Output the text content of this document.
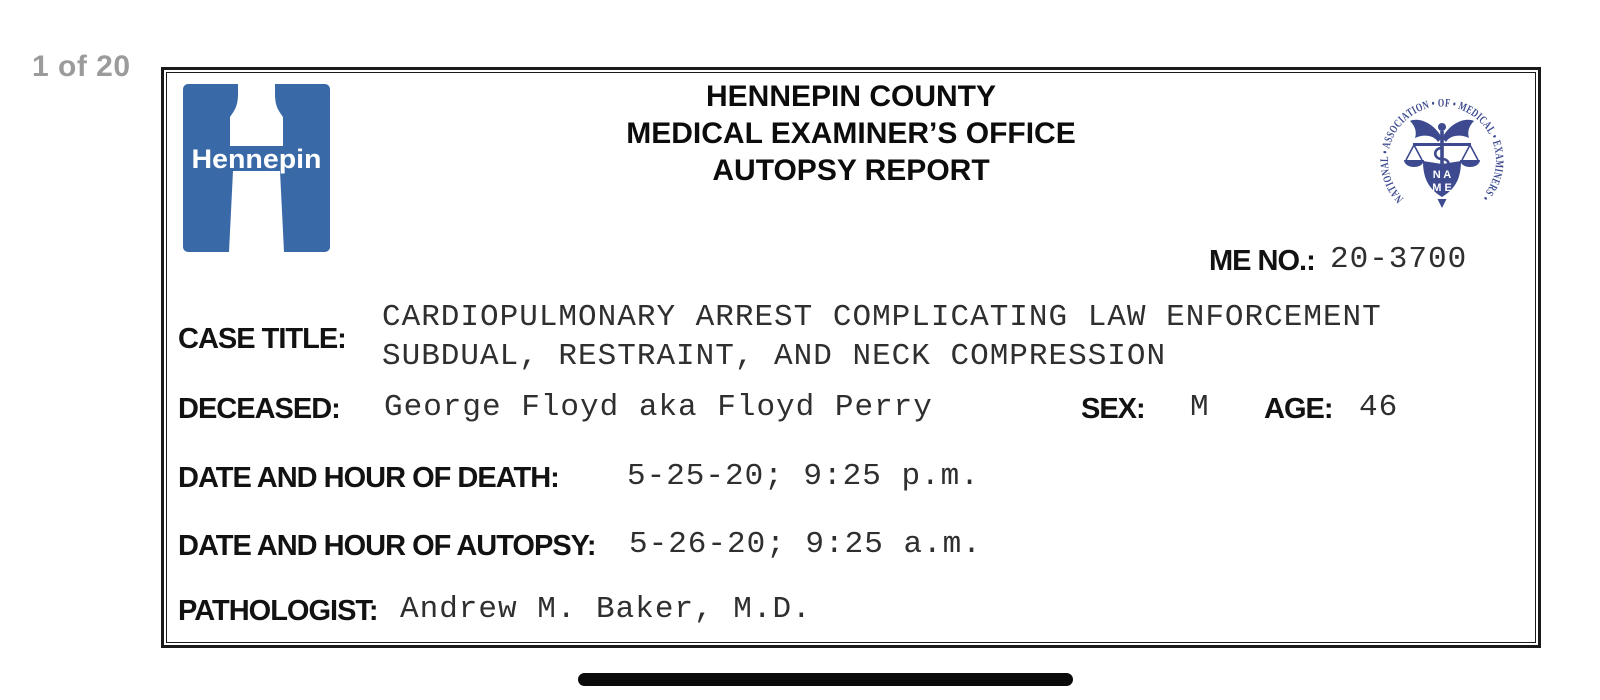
1 of 20
Hennepin
HENNEPIN COUNTY
MEDICAL EXAMINER’S OFFICE
AUTOPSY REPORT
NATIONAL • ASSOCIATION • OF • MEDICAL • EXAMINERS •
N A
M E
ME NO.: 20-3700
CASE TITLE:
CARDIOPULMONARY ARREST COMPLICATING LAW ENFORCEMENT
SUBDUAL, RESTRAINT, AND NECK COMPRESSION
DECEASED: George Floyd aka Floyd Perry	SEX: M AGE: 46
DATE AND HOUR OF DEATH: 5-25-20; 9:25 p.m.
DATE AND HOUR OF AUTOPSY: 5-26-20; 9:25 a.m.
PATHOLOGIST: Andrew M. Baker, M.D.
